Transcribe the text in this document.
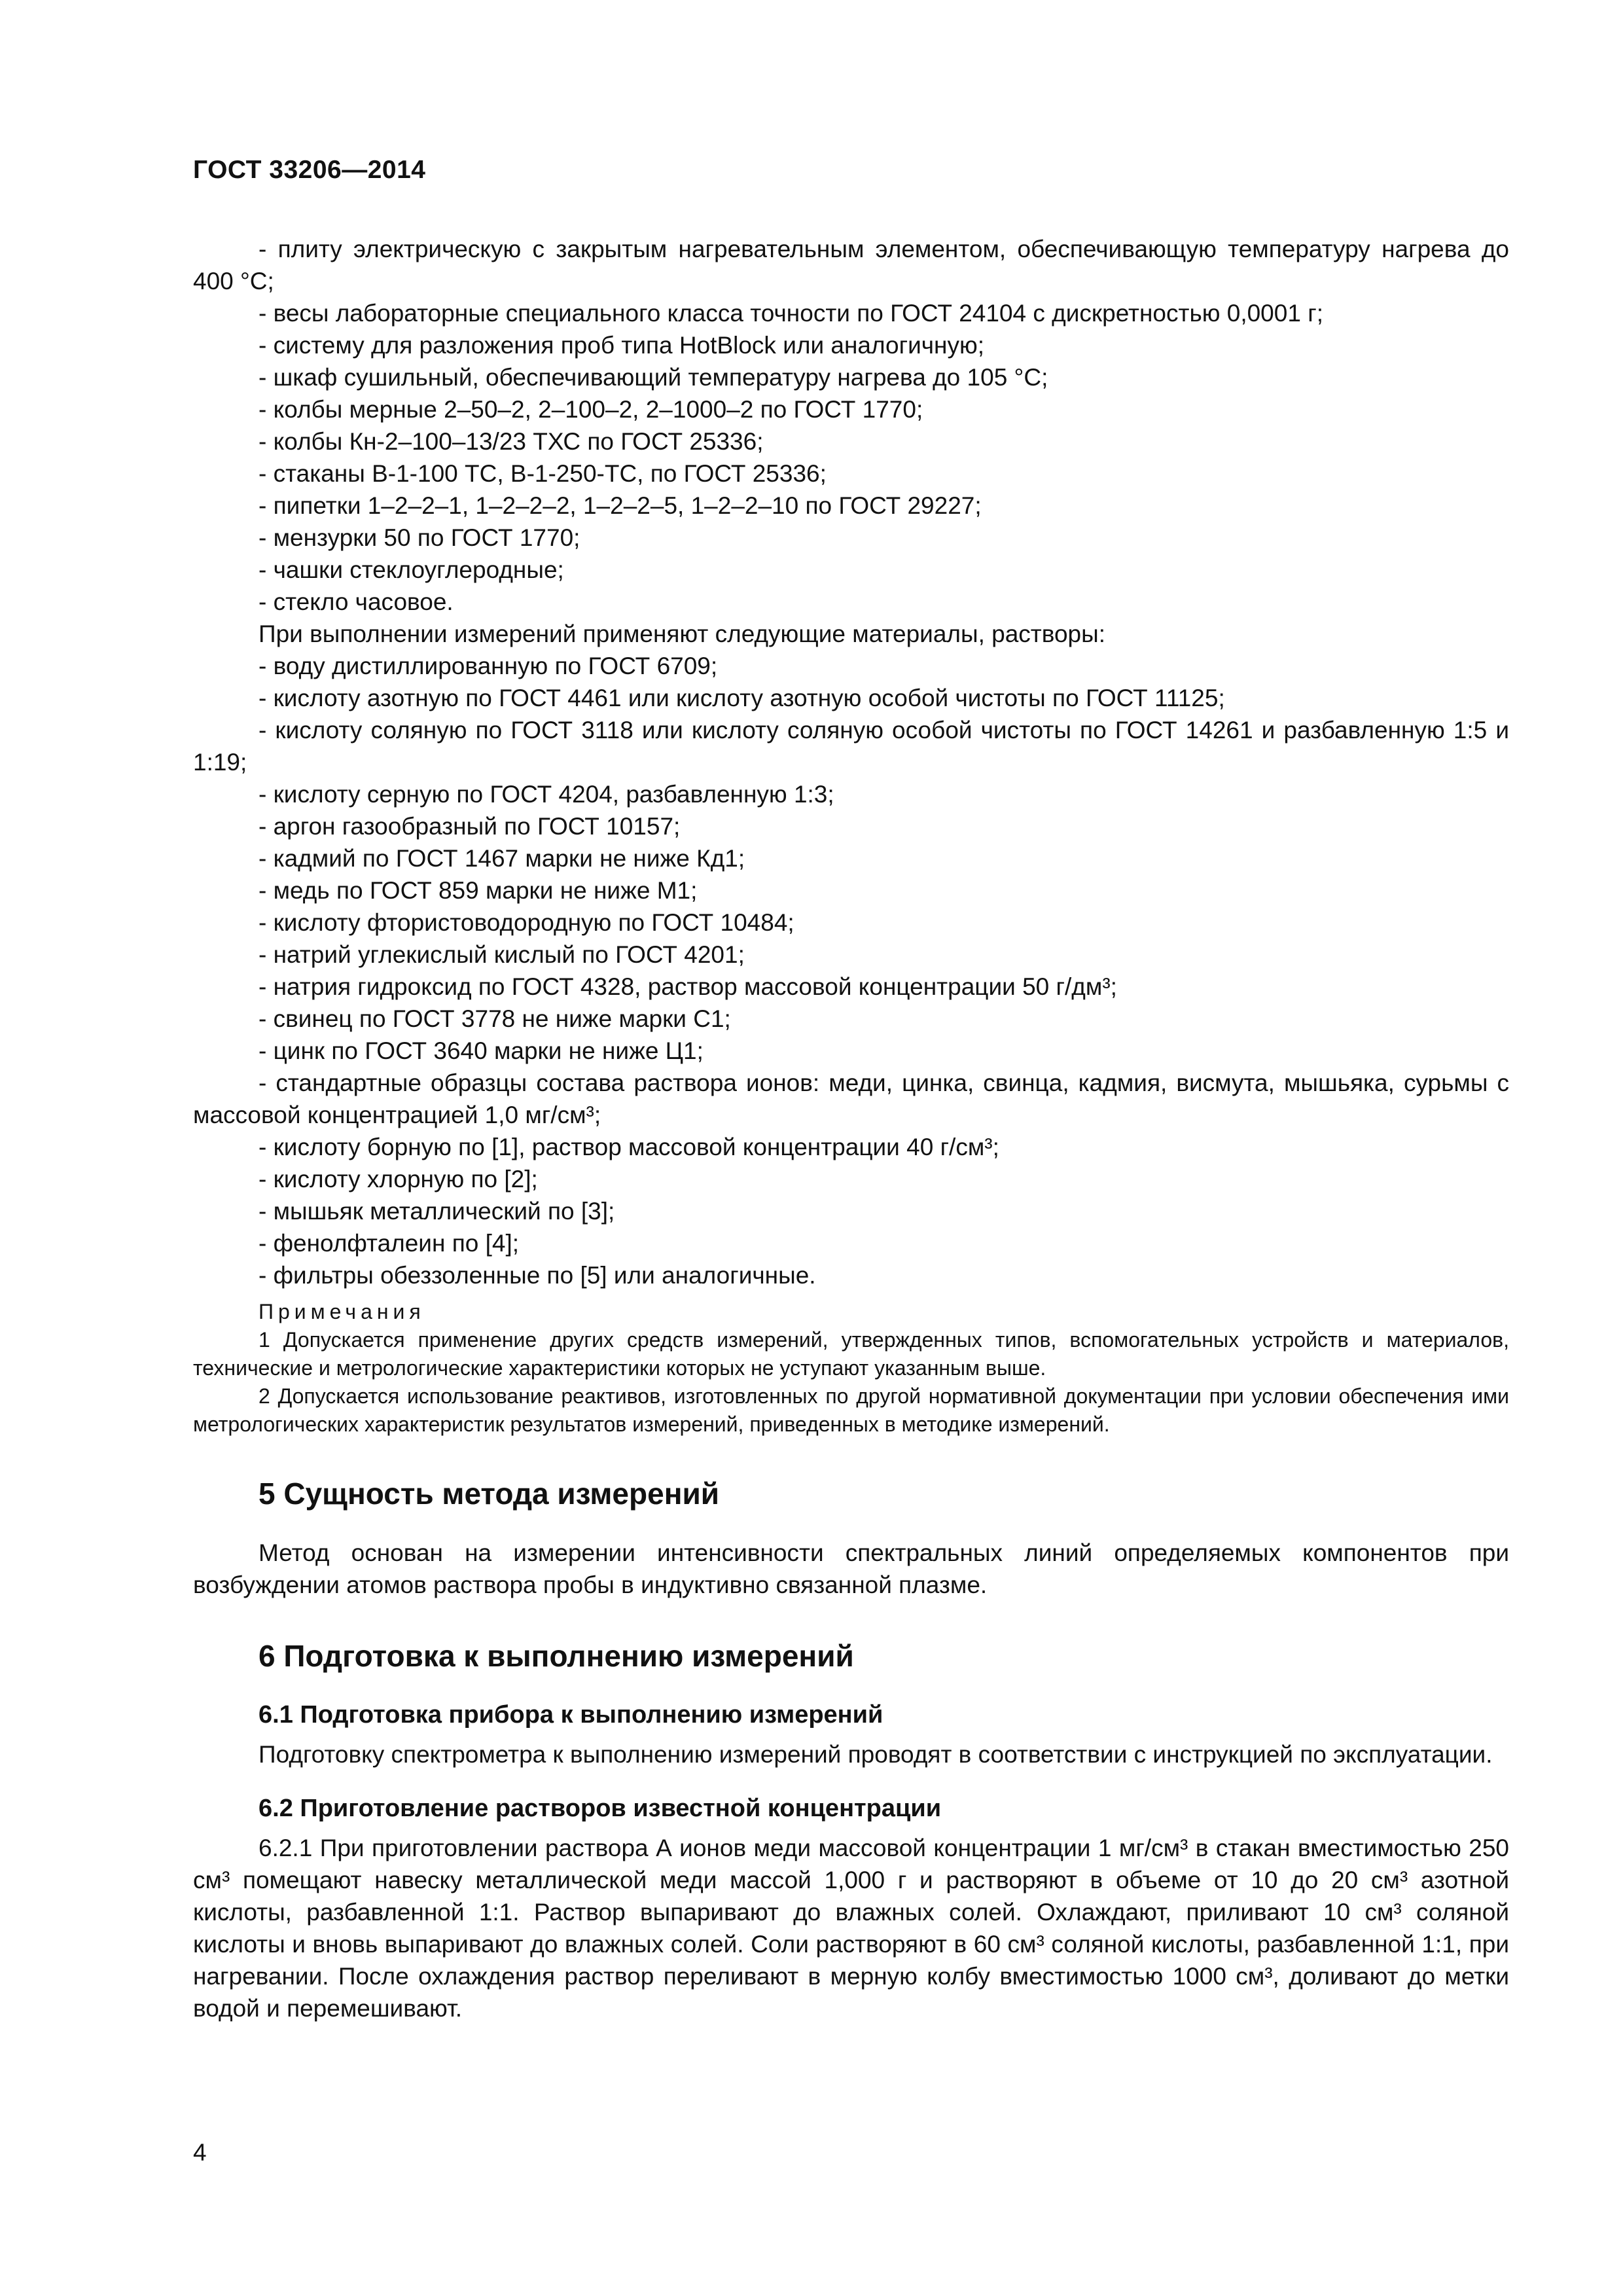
ГОСТ 33206—2014

- плиту электрическую с закрытым нагревательным элементом, обеспечивающую температуру нагрева до 400 °С;

- весы лабораторные специального класса точности по ГОСТ 24104 с дискретностью 0,0001 г;

- систему для разложения проб типа HotBlock или аналогичную;

- шкаф сушильный, обеспечивающий температуру нагрева до 105 °С;

- колбы мерные 2–50–2, 2–100–2, 2–1000–2 по ГОСТ 1770;

- колбы Кн-2–100–13/23 ТХС по ГОСТ 25336;

- стаканы В-1-100 ТС, В-1-250-ТС, по ГОСТ 25336;

- пипетки 1–2–2–1, 1–2–2–2, 1–2–2–5, 1–2–2–10 по ГОСТ 29227;

- мензурки 50 по ГОСТ 1770;

- чашки стеклоуглеродные;

- стекло часовое.

При выполнении измерений применяют следующие материалы, растворы:

- воду дистиллированную по ГОСТ 6709;

- кислоту азотную по ГОСТ 4461 или кислоту азотную особой чистоты по ГОСТ 11125;

- кислоту соляную по ГОСТ 3118 или кислоту соляную особой чистоты по ГОСТ 14261 и разбавленную 1:5 и 1:19;

- кислоту серную по ГОСТ 4204, разбавленную 1:3;

- аргон газообразный по ГОСТ 10157;

- кадмий по ГОСТ 1467 марки не ниже Кд1;

- медь по ГОСТ 859 марки не ниже М1;

- кислоту фтористоводородную по ГОСТ 10484;

- натрий углекислый кислый по ГОСТ 4201;

- натрия гидроксид по ГОСТ 4328, раствор массовой концентрации 50 г/дм³;

- свинец по ГОСТ 3778 не ниже марки С1;

- цинк по ГОСТ 3640 марки не ниже Ц1;

- стандартные образцы состава раствора ионов: меди, цинка, свинца, кадмия, висмута, мышьяка, сурьмы с массовой концентрацией 1,0 мг/см³;

- кислоту борную по [1], раствор массовой концентрации 40 г/см³;

- кислоту хлорную по [2];

- мышьяк металлический по [3];

- фенолфталеин по [4];

- фильтры обеззоленные по [5] или аналогичные.

Примечания

1 Допускается применение других средств измерений, утвержденных типов, вспомогательных устройств и материалов, технические и метрологические характеристики которых не уступают указанным выше.

2 Допускается использование реактивов, изготовленных по другой нормативной документации при условии обеспечения ими метрологических характеристик результатов измерений, приведенных в методике измерений.

5 Сущность метода измерений

Метод основан на измерении интенсивности спектральных линий определяемых компонентов при возбуждении атомов раствора пробы в индуктивно связанной плазме.

6 Подготовка к выполнению измерений
6.1 Подготовка прибора к выполнению измерений

Подготовку спектрометра к выполнению измерений проводят в соответствии с инструкцией по эксплуатации.

6.2 Приготовление растворов известной концентрации

6.2.1 При приготовлении раствора А ионов меди массовой концентрации 1 мг/см³ в стакан вместимостью 250 см³ помещают навеску металлической меди массой 1,000 г и растворяют в объеме от 10 до 20 см³ азотной кислоты, разбавленной 1:1. Раствор выпаривают до влажных солей. Охлаждают, приливают 10 см³ соляной кислоты и вновь выпаривают до влажных солей. Соли растворяют в 60 см³ соляной кислоты, разбавленной 1:1, при нагревании. После охлаждения раствор переливают в мерную колбу вместимостью 1000 см³, доливают до метки водой и перемешивают.

4
